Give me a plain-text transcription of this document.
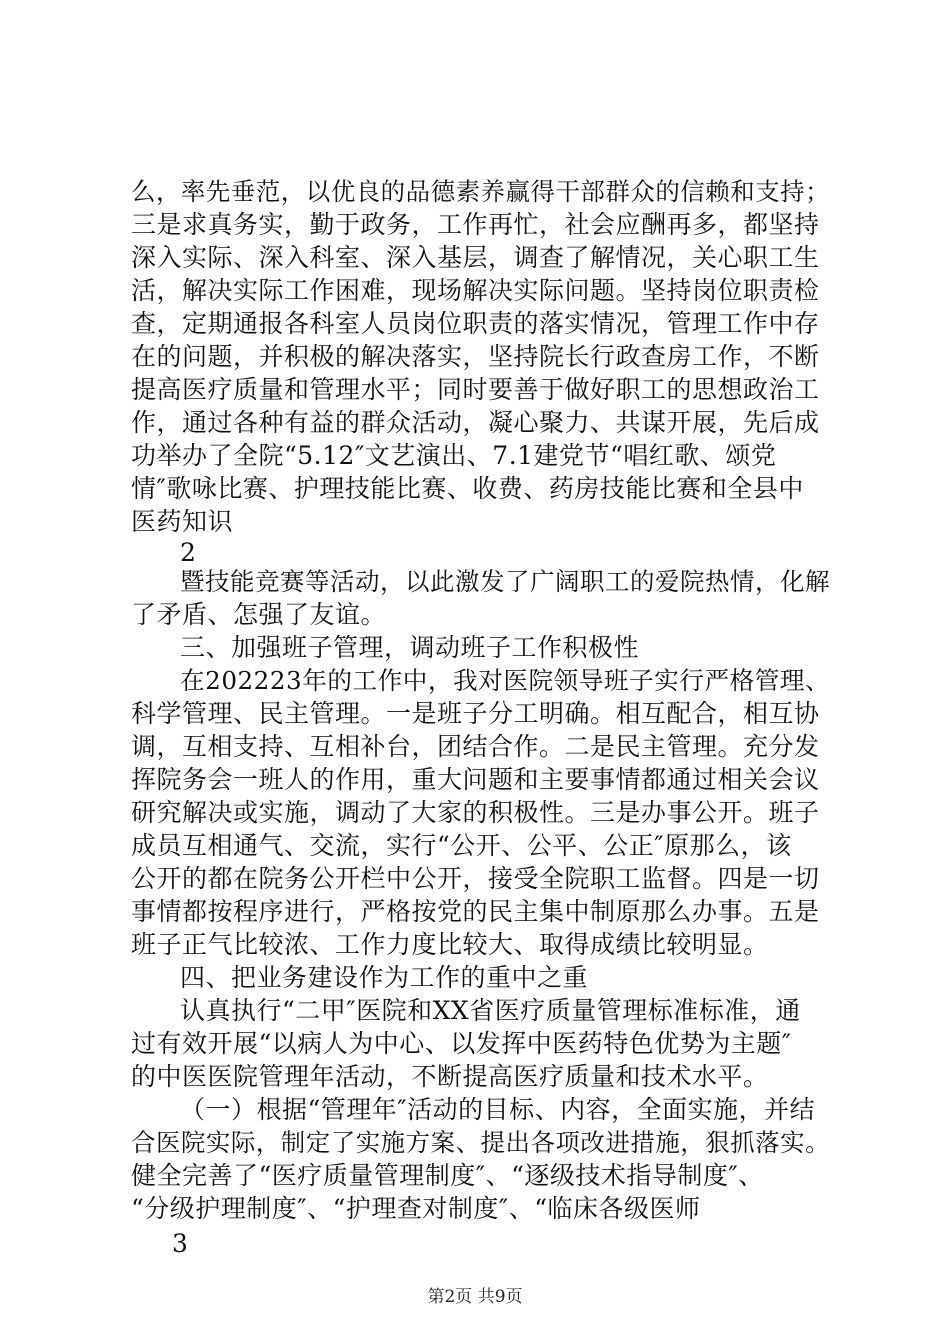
么，率先垂范，以优良的品德素养赢得干部群众的信赖和支持；
三是求真务实，勤于政务，工作再忙，社会应酬再多，都坚持
深入实际、深入科室、深入基层，调查了解情况，关心职工生
活，解决实际工作困难，现场解决实际问题。坚持岗位职责检
查，定期通报各科室人员岗位职责的落实情况，管理工作中存
在的问题，并积极的解决落实，坚持院长行政查房工作，不断
提高医疗质量和管理水平；同时要善于做好职工的思想政治工
作，通过各种有益的群众活动，凝心聚力、共谋开展，先后成
功举办了全院“5.12″文艺演出、7.1建党节“唱红歌、颂党
情″歌咏比赛、护理技能比赛、收费、药房技能比赛和全县中
医药知识
2
暨技能竞赛等活动，以此激发了广阔职工的爱院热情，化解
了矛盾、怎强了友谊。
三、加强班子管理，调动班子工作积极性
在202223年的工作中，我对医院领导班子实行严格管理、
科学管理、民主管理。一是班子分工明确。相互配合，相互协
调，互相支持、互相补台，团结合作。二是民主管理。充分发
挥院务会一班人的作用，重大问题和主要事情都通过相关会议
研究解决或实施，调动了大家的积极性。三是办事公开。班子
成员互相通气、交流，实行“公开、公平、公正″原那么，该
公开的都在院务公开栏中公开，接受全院职工监督。四是一切
事情都按程序进行，严格按党的民主集中制原那么办事。五是
班子正气比较浓、工作力度比较大、取得成绩比较明显。
四、把业务建设作为工作的重中之重
认真执行“二甲″医院和XX省医疗质量管理标准标准，通
过有效开展“以病人为中心、以发挥中医药特色优势为主题″
的中医医院管理年活动，不断提高医疗质量和技术水平。
（一）根据“管理年″活动的目标、内容，全面实施，并结
合医院实际，制定了实施方案、提出各项改进措施，狠抓落实。
健全完善了“医疗质量管理制度″、“逐级技术指导制度″、
“分级护理制度″、“护理查对制度″、“临床各级医师
3
第2页 共9页
